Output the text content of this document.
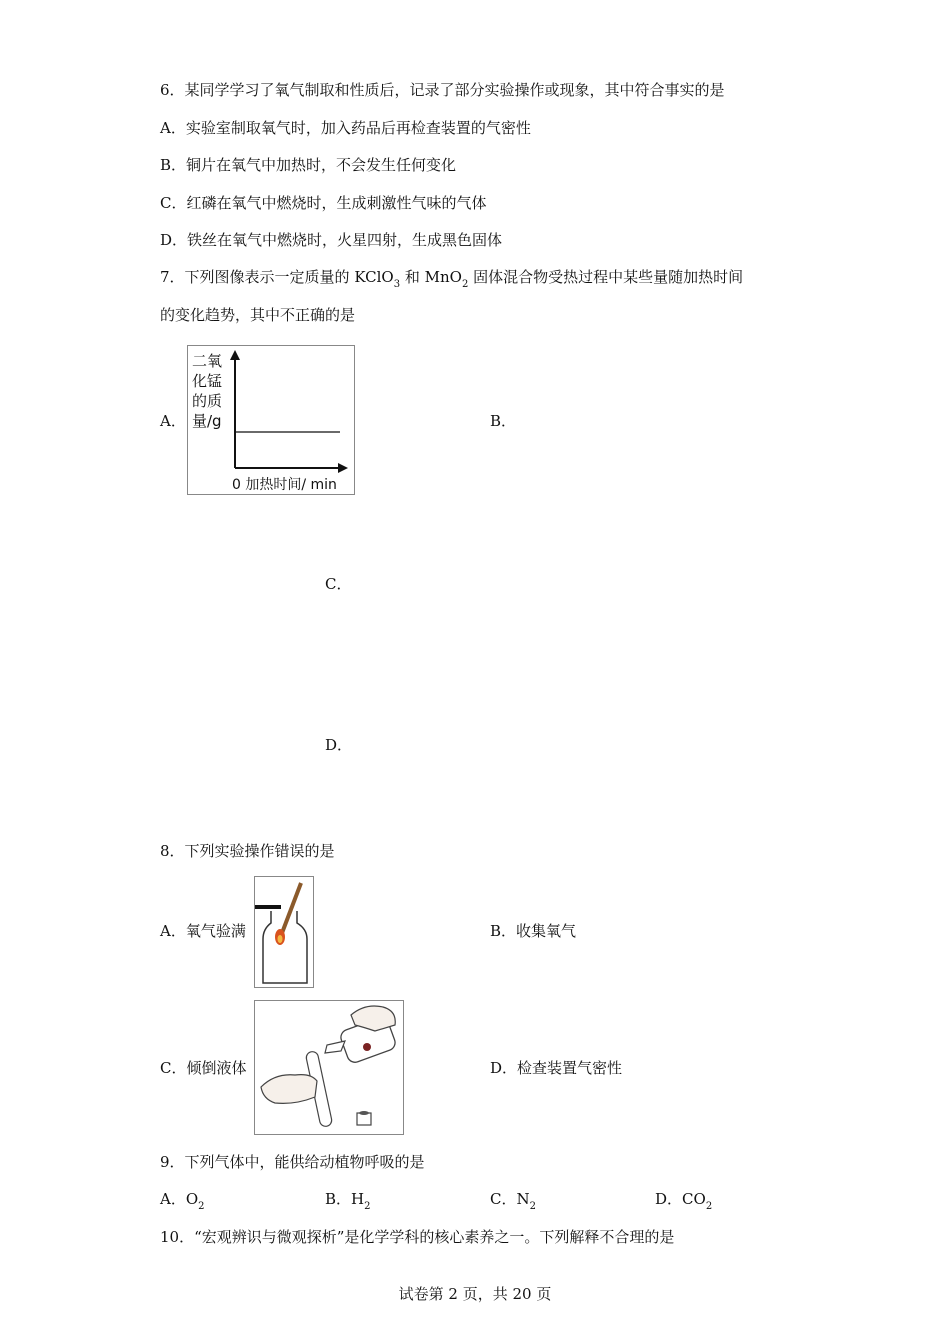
6．某同学学习了氧气制取和性质后，记录了部分实验操作或现象，其中符合事实的是
A．实验室制取氧气时，加入药品后再检查装置的气密性
B．铜片在氧气中加热时，不会发生任何变化
C．红磷在氧气中燃烧时，生成刺激性气味的气体
D．铁丝在氧气中燃烧时，火星四射，生成黑色固体
7．下列图像表示一定质量的 KClO$_3$ 和 MnO$_2$ 固体混合物受热过程中某些量随加热时间
的变化趋势，其中不正确的是
A．
二氧
化锰
的质
量/g
0 加热时间/ min
B．
C．
D．
8．下列实验操作错误的是
A．氧气验满	B．收集氧气
C．倾倒液体	D．检查装置气密性
9．下列气体中，能供给动植物呼吸的是
A．$O_2$	B．$H_2$	C．$N_2$	D．$CO_2$
10．“宏观辨识与微观探析”是化学学科的核心素养之一。下列解释不合理的是
试卷第 2 页，共 20 页
